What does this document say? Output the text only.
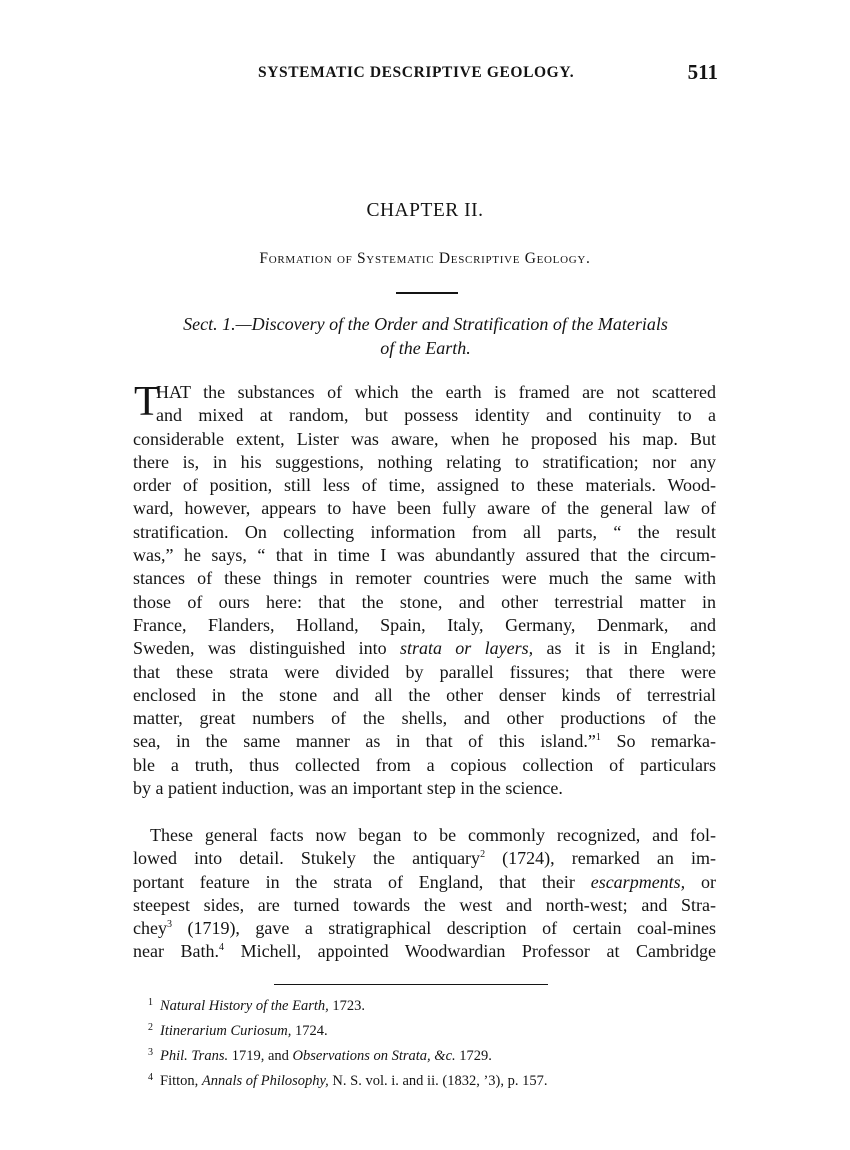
SYSTEMATIC DESCRIPTIVE GEOLOGY.	511
CHAPTER II.
Formation of Systematic Descriptive Geology.
Sect. 1.—Discovery of the Order and Stratification of the Materials
of the Earth.
T
HAT the substances of which the earth is framed are not scattered
and mixed at random, but possess identity and continuity to a
considerable extent, Lister was aware, when he proposed his map. But
there is, in his suggestions, nothing relating to stratification; nor any
order of position, still less of time, assigned to these materials. Wood-
ward, however, appears to have been fully aware of the general law of
stratification. On collecting information from all parts, “ the result
was,” he says, “ that in time I was abundantly assured that the circum-
stances of these things in remoter countries were much the same with
those of ours here: that the stone, and other terrestrial matter in
France, Flanders, Holland, Spain, Italy, Germany, Denmark, and
Sweden, was distinguished into strata or layers, as it is in England;
that these strata were divided by parallel fissures; that there were
enclosed in the stone and all the other denser kinds of terrestrial
matter, great numbers of the shells, and other productions of the
sea, in the same manner as in that of this island.”$^1$ So remarka-
ble a truth, thus collected from a copious collection of particulars
by a patient induction, was an important step in the science.
These general facts now began to be commonly recognized, and fol-
lowed into detail. Stukely the antiquary$^2$ (1724), remarked an im-
portant feature in the strata of England, that their escarpments, or
steepest sides, are turned towards the west and north-west; and Stra-
chey$^3$ (1719), gave a stratigraphical description of certain coal-mines
near Bath.$^4$ Michell, appointed Woodwardian Professor at Cambridge
1 Natural History of the Earth, 1723.
2 Itinerarium Curiosum, 1724.
3 Phil. Trans. 1719, and Observations on Strata, &c. 1729.
4 Fitton, Annals of Philosophy, N. S. vol. i. and ii. (1832, ’3), p. 157.
